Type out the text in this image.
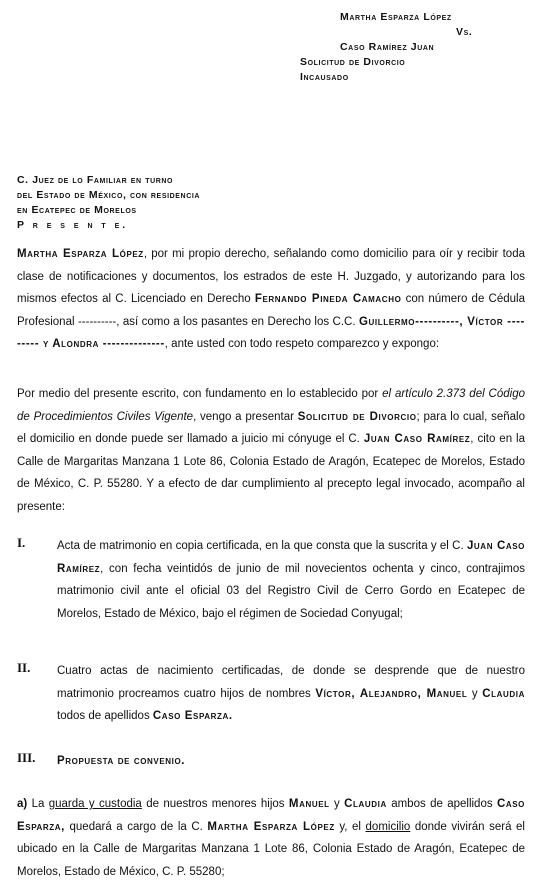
Martha Esparza López
Vs.
Caso Ramírez Juan
Solicitud de Divorcio
Incausado
C. Juez de lo Familiar en turno
del Estado de México, con residencia
en Ecatepec de Morelos
P r e s e n t e.
Martha Esparza López, por mi propio derecho, señalando como domicilio para oír y recibir toda clase de notificaciones y documentos, los estrados de este H. Juzgado, y autorizando para los mismos efectos al C. Licenciado en Derecho Fernando Pineda Camacho con número de Cédula Profesional ----------, así como a los pasantes en Derecho los C.C. Guillermo----------, Víctor --------- y Alondra --------------, ante usted con todo respeto comparezco y expongo:
Por medio del presente escrito, con fundamento en lo establecido por el artículo 2.373 del Código de Procedimientos Civiles Vigente, vengo a presentar Solicitud de Divorcio; para lo cual, señalo el domicilio en donde puede ser llamado a juicio mi cónyuge el C. Juan Caso Ramírez, cito en la Calle de Margaritas Manzana 1 Lote 86, Colonia Estado de Aragón, Ecatepec de Morelos, Estado de México, C. P. 55280. Y a efecto de dar cumplimiento al precepto legal invocado, acompaño al presente:
I.	Acta de matrimonio en copia certificada, en la que consta que la suscrita y el C. Juan Caso Ramírez, con fecha veintidós de junio de mil novecientos ochenta y cinco, contrajimos matrimonio civil ante el oficial 03 del Registro Civil de Cerro Gordo en Ecatepec de Morelos, Estado de México, bajo el régimen de Sociedad Conyugal;
II. Cuatro actas de nacimiento certificadas, de donde se desprende que de nuestro matrimonio procreamos cuatro hijos de nombres Víctor, Alejandro, Manuel y Claudia todos de apellidos Caso Esparza.
III. Propuesta de convenio.
a) La guarda y custodia de nuestros menores hijos Manuel y Claudia ambos de apellidos Caso Esparza, quedará a cargo de la C. Martha Esparza López y, el domicilio donde vivirán será el ubicado en la Calle de Margaritas Manzana 1 Lote 86, Colonia Estado de Aragón, Ecatepec de Morelos, Estado de México, C. P. 55280;
